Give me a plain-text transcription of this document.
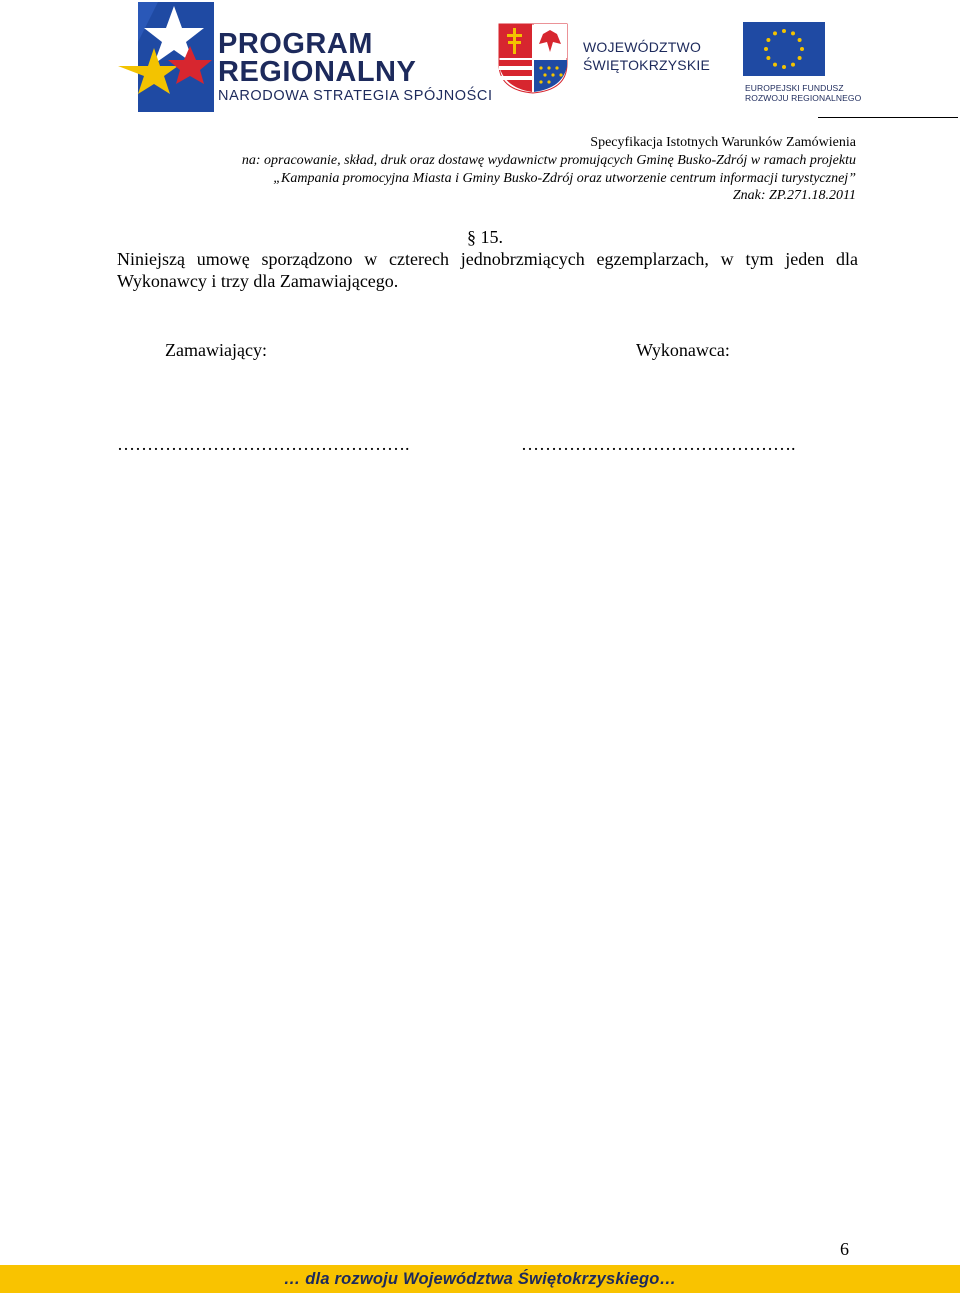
PROGRAM
REGIONALNY
NARODOWA STRATEGIA SPÓJNOŚCI
WOJEWÓDZTWO
ŚWIĘTOKRZYSKIE
EUROPEJSKI FUNDUSZ
ROZWOJU REGIONALNEGO
Specyfikacja Istotnych Warunków Zamówienia
na: opracowanie, skład, druk oraz dostawę wydawnictw promujących Gminę Busko-Zdrój w ramach projektu
„Kampania promocyjna Miasta i Gminy Busko-Zdrój oraz utworzenie centrum informacji turystycznej”
Znak: ZP.271.18.2011
§ 15.
Niniejszą umowę sporządzono w czterech jednobrzmiących egzemplarzach, w tym jeden dla Wykonawcy i trzy dla Zamawiającego.
Zamawiający:	Wykonawca:
………………………………………….	……………………………………….
6
… dla rozwoju Województwa Świętokrzyskiego…
